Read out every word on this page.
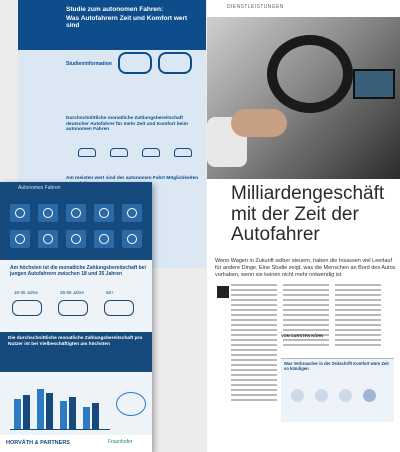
Studie zum autonomen Fahren:
Was Autofahrern Zeit und Komfort wert sind
Studieninformation
Durchschnittliche monatliche Zahlungsbereitschaft deutscher Autofahrer für mehr Zeit und Komfort beim autonomen Fahren
Am meisten wert sind der autonomen Fahrt Möglichkeiten
Autonomes Fahren
Am höchsten ist die monatliche Zahlungsbereitschaft bei jungen Autofahrern zwischen 18 und 35 Jahren
18-35 Jahre	36-55 Jahre	56+
Die durchschnittliche monatliche Zahlungsbereitschaft pro Nutzer ist bei Vielbeschäftigten am höchsten
HORVÁTH & PARTNERS	Fraunhofer
DIENSTLEISTUNGEN
Milliardengeschäft mit der Zeit der Autofahrer
Wenn Wagen in Zukunft selber steuern, haben die Insassen viel Leerlauf für andere Dinge. Eine Studie zeigt, was die Menschen an Bord des Autos vorhaben, wenn sie keinen nicht mehr notwendig ist
VON CARSTEN KÖHN
Was Verbraucher in der Zeitschrift Komfort wäre Zeit so kündigen
